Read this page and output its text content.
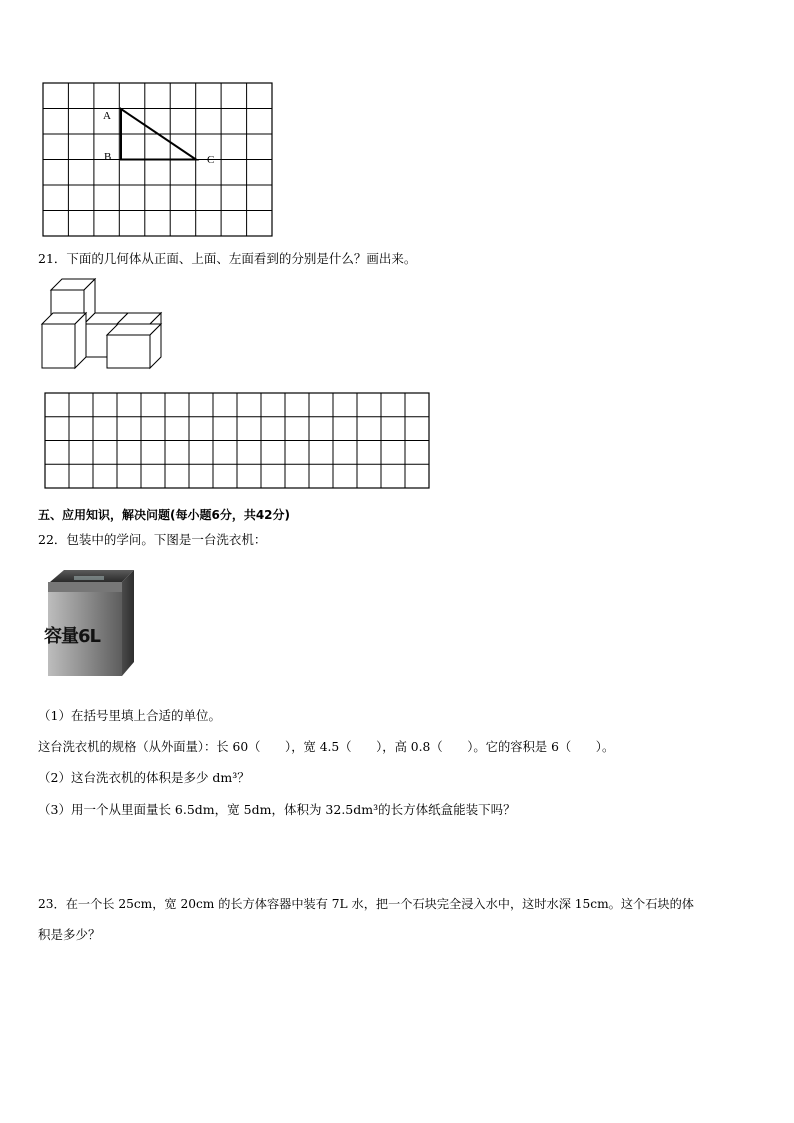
A
B	C
21．下面的几何体从正面、上面、左面看到的分别是什么？画出来。
五、应用知识，解决问题(每小题6分，共42分)
22．包装中的学问。下图是一台洗衣机：
容量6L
（1）在括号里填上合适的单位。
这台洗衣机的规格（从外面量）：长 60（　　），宽 4.5（　　），高 0.8（　　）。它的容积是 6（　　）。
（2）这台洗衣机的体积是多少 dm³？
（3）用一个从里面量长 6.5dm，宽 5dm，体积为 32.5dm³的长方体纸盒能装下吗？
23．在一个长 25cm，宽 20cm 的长方体容器中装有 7L 水，把一个石块完全浸入水中，这时水深 15cm。这个石块的体
积是多少？
